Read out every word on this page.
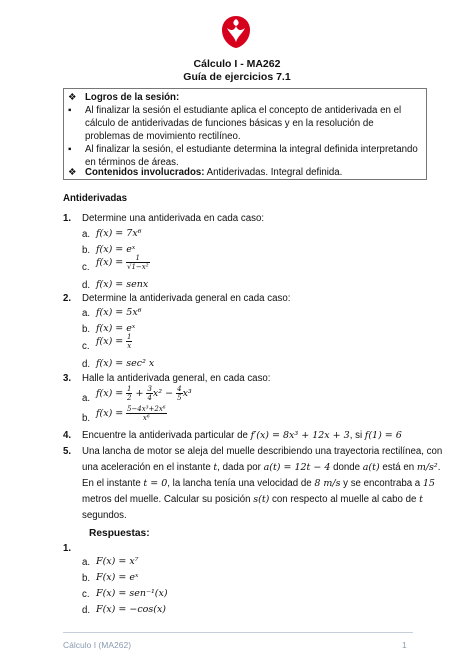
Cálculo I - MA262
Guía de ejercicios 7.1
❖ Logros de la sesión:
▪ Al finalizar la sesión el estudiante aplica el concepto de antiderivada en el cálculo de antiderivadas de funciones básicas y en la resolución de problemas de movimiento rectilíneo.
▪ Al finalizar la sesión, el estudiante determina la integral definida interpretando en términos de áreas.
❖ Contenidos involucrados: Antiderivadas. Integral definida.
Antiderivadas
1. Determine una antiderivada en cada caso:
a. f(x) = 7x⁶
b. f(x) = eˣ
c. $f(x) = \frac{1}{\text{√1−x²}}$
d. f(x) = senx
2. Determine la antiderivada general en cada caso:
a. f(x) = 5x⁶
b. f(x) = eˣ
c. $f(x) = \frac{1}{x}$
d. f(x) = sec² x
3. Halle la antiderivada general, en cada caso:
a. $f(x) = \frac{1}{2} + \frac{3}{4} x^2 - \frac{4}{5} x^3$
b. $f(x) = \frac{\text{5−4x³+2x⁶}}{\text{x⁶}}$
4. Encuentre la antiderivada particular de f′(x) = 8x³ + 12x + 3, si f(1) = 6
5. Una lancha de motor se aleja del muelle describiendo una trayectoria rectilínea, con
una aceleración en el instante t, dada por a(t) = 12t − 4 donde a(t) está en m/s².
En el instante t = 0, la lancha tenía una velocidad de 8 m/s y se encontraba a 15
metros del muelle. Calcular su posición s(t) con respecto al muelle al cabo de t
segundos.
Respuestas:
1.
a. F(x) = x⁷
b. F(x) = eˣ
c. F(x) = sen⁻¹(x)
d. F(x) = −cos(x)
Cálculo I (MA262)	1
